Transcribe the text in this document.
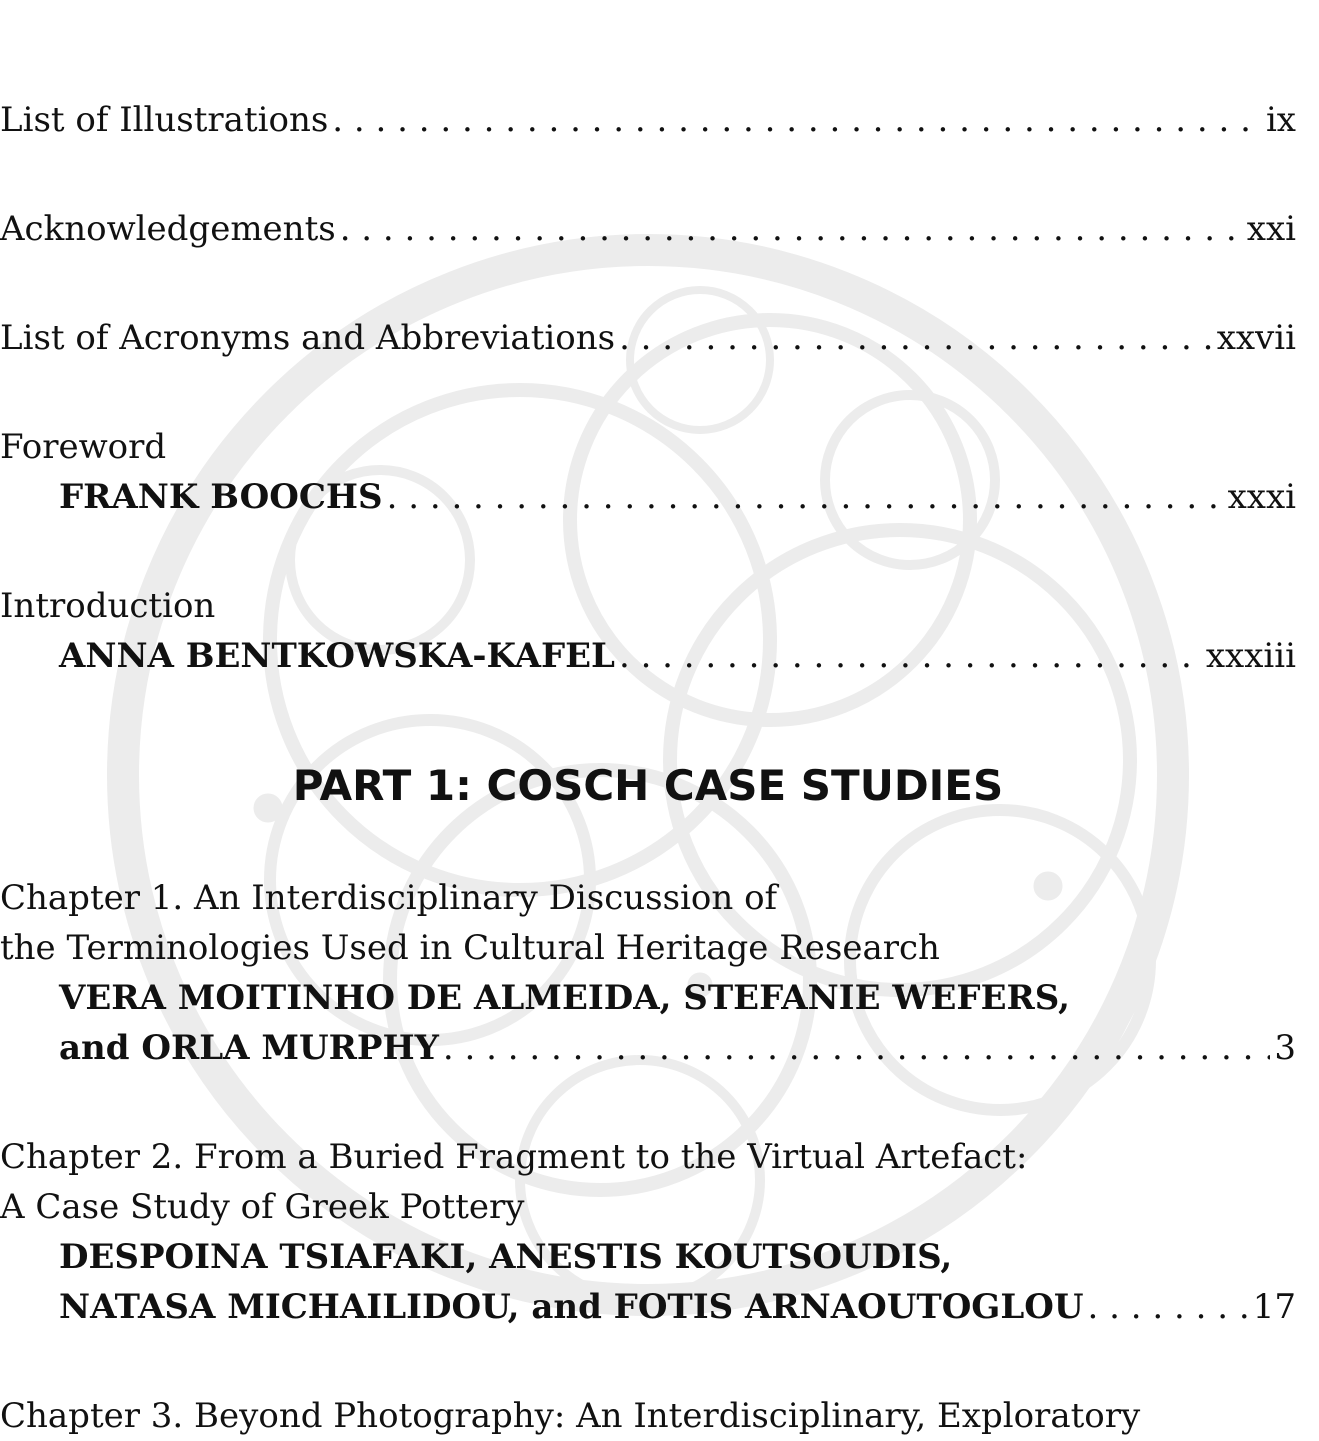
List of Illustrations . . .	ix
Acknowledgements . . .	xxi
List of Acronyms and Abbreviations . . .	xxvii
Foreword
FRANK BOOCHS . . .	xxxi
Introduction
ANNA BENTKOWSKA-KAFEL . . .	xxxiii
PART 1: COSCH CASE STUDIES
Chapter 1. An Interdisciplinary Discussion of
the Terminologies Used in Cultural Heritage Research
VERA MOITINHO DE ALMEIDA, STEFANIE WEFERS,
and ORLA MURPHY . . .	3
Chapter 2. From a Buried Fragment to the Virtual Artefact:
A Case Study of Greek Pottery
DESPOINA TSIAFAKI, ANESTIS KOUTSOUDIS,
NATASA MICHAILIDOU, and FOTIS ARNAOUTOGLOU . . .	17
Chapter 3. Beyond Photography: An Interdisciplinary, Exploratory
